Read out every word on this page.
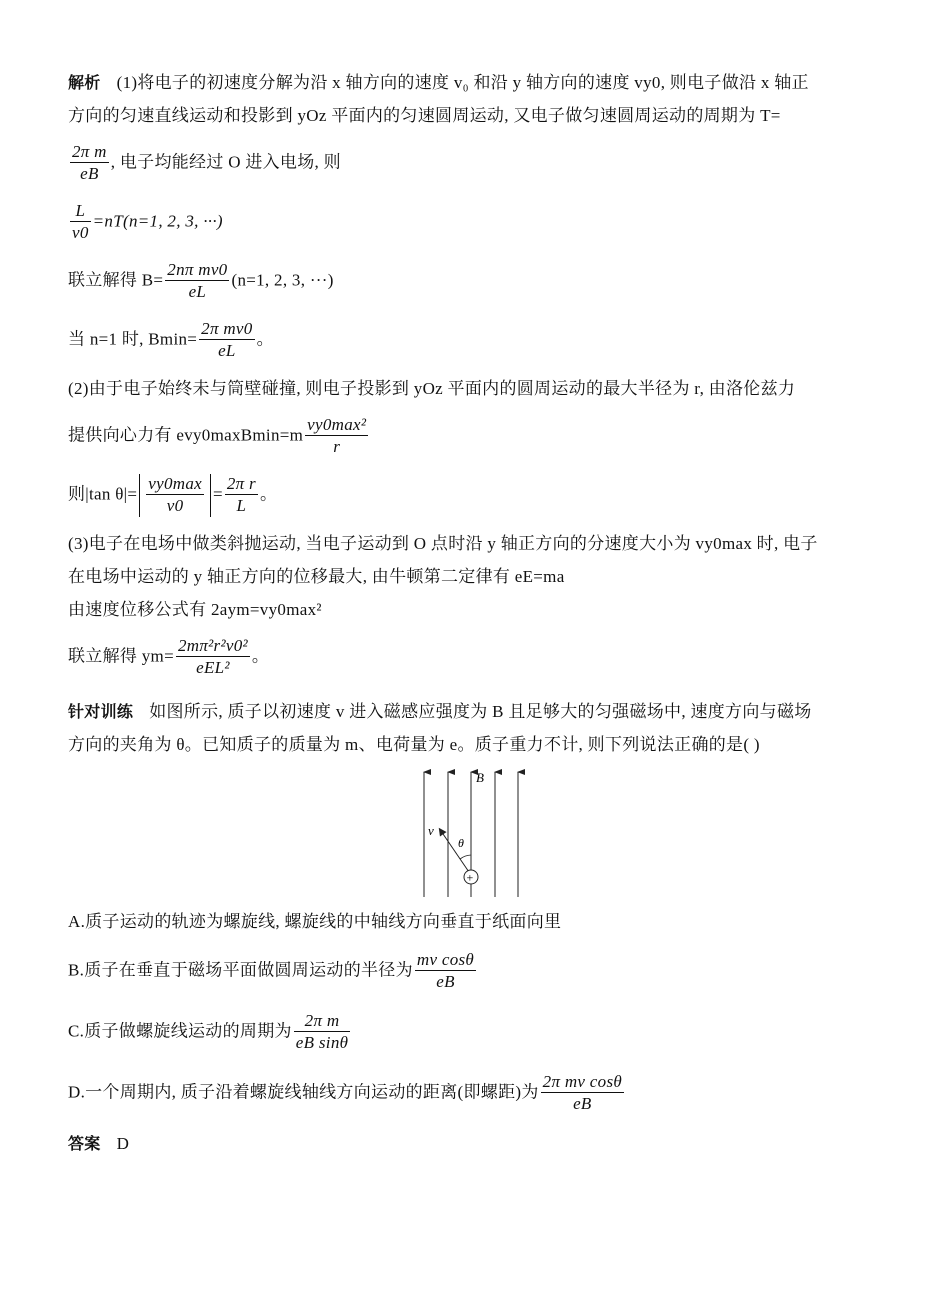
解析 (1)将电子的初速度分解为沿 x 轴方向的速度 v₀ 和沿 y 轴方向的速度 vy0, 则电子做沿 x 轴正

方向的匀速直线运动和投影到 yOz 平面内的匀速圆周运动, 又电子做匀速圆周运动的周期为 T=

$\frac{\text{2π m}}{eB}$ , 电子均能经过 O 进入电场, 则

$\frac{L}{v0} =nT(n=1$, 2, 3, ···)

联立解得 $B= \frac{\text{2nπ mv0}}{eL} (n=1$, 2, 3, ···)

当 n=1 时, $Bmin= \frac{\text{2π mv0}}{eL}$ 。

(2)由于电子始终未与筒壁碰撞, 则电子投影到 yOz 平面内的圆周运动的最大半径为 r, 由洛伦兹力

提供向心力有 evy0maxBmin=m $\frac{\text{vy0max²}}{r}$

则|tan $\theta|= \frac{vy0\max}{v0} = \frac{\text{2π r}}{L}$ 。

(3)电子在电场中做类斜抛运动, 当电子运动到 O 点时沿 y 轴正方向的分速度大小为 vy0max 时, 电子

在电场中运动的 y 轴正方向的位移最大, 由牛顿第二定律有 eE=ma

由速度位移公式有 2aym=vy0max²

联立解得 $ym= \frac{\text{2mπ²r²v0²}}{\text{eEL²}}$ 。

针对训练 如图所示, 质子以初速度 v 进入磁感应强度为 B 且足够大的匀强磁场中, 速度方向与磁场

方向的夹角为 θ。已知质子的质量为 m、电荷量为 e。质子重力不计, 则下列说法正确的是( )

B
v
θ
+

A.质子运动的轨迹为螺旋线, 螺旋线的中轴线方向垂直于纸面向里

B.质子在垂直于磁场平面做圆周运动的半径为 $\frac{\text{mv cosθ}}{eB}$

C.质子做螺旋线运动的周期为 $\frac{\text{2π m}}{\text{eB sinθ}}$

D.一个周期内, 质子沿着螺旋线轴线方向运动的距离(即螺距)为 $\frac{\text{2π mv cosθ}}{eB}$

答案 D
